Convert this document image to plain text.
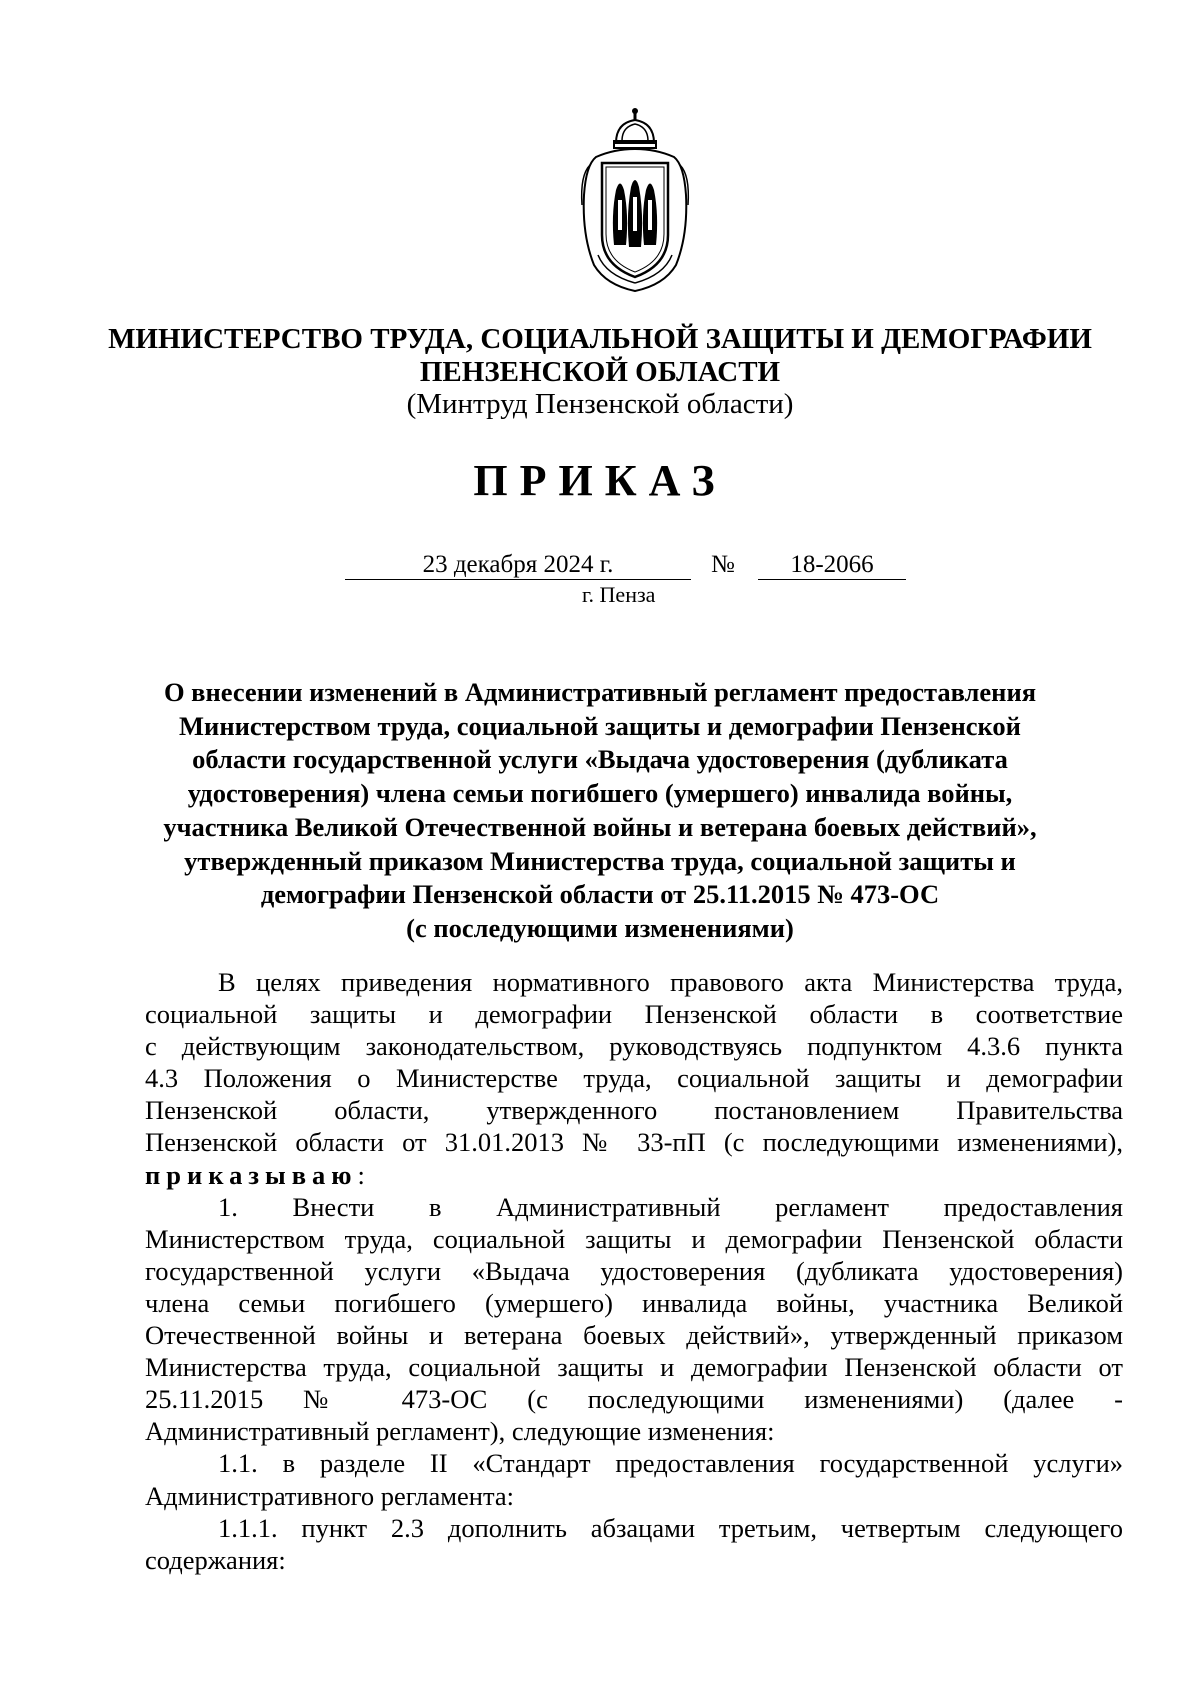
МИНИСТЕРСТВО ТРУДА, СОЦИАЛЬНОЙ ЗАЩИТЫ И ДЕМОГРАФИИ
ПЕНЗЕНСКОЙ ОБЛАСТИ
(Минтруд Пензенской области)
ПРИКАЗ
23 декабря 2024 г.	№	18-2066
г. Пенза
О внесении изменений в Административный регламент предоставления
Министерством труда, социальной защиты и демографии Пензенской
области государственной услуги «Выдача удостоверения (дубликата
удостоверения) члена семьи погибшего (умершего) инвалида войны,
участника Великой Отечественной войны и ветерана боевых действий»,
утвержденный приказом Министерства труда, социальной защиты и
демографии Пензенской области от 25.11.2015 № 473-ОС
(с последующими изменениями)
В целях приведения нормативного правового акта Министерства труда,
социальной защиты и демографии Пензенской области в соответствие
с действующим законодательством, руководствуясь подпунктом 4.3.6 пункта
4.3 Положения о Министерстве труда, социальной защиты и демографии
Пензенской области, утвержденного постановлением Правительства
Пензенской области от 31.01.2013 № 33-пП (с последующими изменениями),
приказываю:
1. Внести в Административный регламент предоставления
Министерством труда, социальной защиты и демографии Пензенской области
государственной услуги «Выдача удостоверения (дубликата удостоверения)
члена семьи погибшего (умершего) инвалида войны, участника Великой
Отечественной войны и ветерана боевых действий», утвержденный приказом
Министерства труда, социальной защиты и демографии Пензенской области от
25.11.2015 № 473-ОС (с последующими изменениями) (далее -
Административный регламент), следующие изменения:
1.1. в разделе II «Стандарт предоставления государственной услуги»
Административного регламента:
1.1.1. пункт 2.3 дополнить абзацами третьим, четвертым следующего
содержания:
